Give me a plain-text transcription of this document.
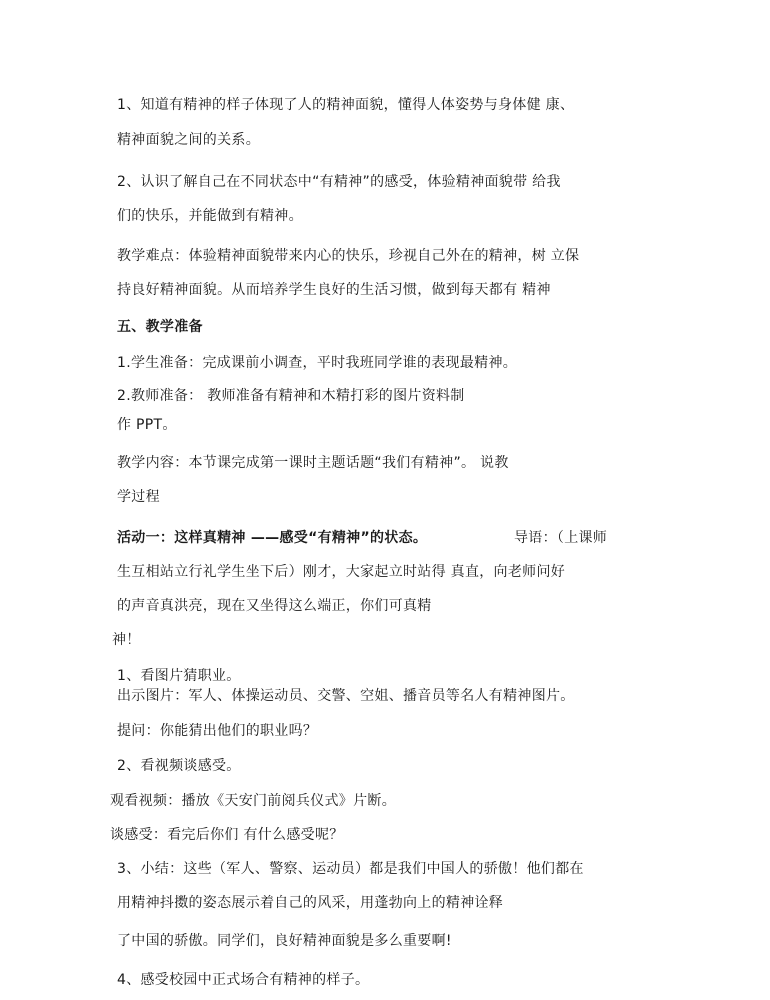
1、知道有精神的样子体现了人的精神面貌，懂得人体姿势与身体健 康、
精神面貌之间的关系。
2、认识了解自己在不同状态中“有精神”的感受，体验精神面貌带 给我
们的快乐，并能做到有精神。
教学难点：体验精神面貌带来内心的快乐，珍视自己外在的精神，树 立保
持良好精神面貌。从而培养学生良好的生活习惯，做到每天都有 精神
五、教学准备
1.学生准备：完成课前小调查，平时我班同学谁的表现最精神。
2.教师准备： 教师准备有精神和木精打彩的图片资料制
作 PPT。
教学内容：本节课完成第一课时主题话题“我们有精神”。 说教
学过程
活动一：这样真精神 ——感受“有精神”的状态。	导语：（上课师
生互相站立行礼学生坐下后）刚才，大家起立时站得 真直，向老师问好
的声音真洪亮，现在又坐得这么端正，你们可真精
神！
1、看图片猜职业。
出示图片：军人、体操运动员、交警、空姐、播音员等名人有精神图片。
提问：你能猜出他们的职业吗？
2、看视频谈感受。
观看视频：播放《天安门前阅兵仪式》片断。
谈感受：看完后你们 有什么感受呢？
3、小结：这些（军人、警察、运动员）都是我们中国人的骄傲！他们都在
用精神抖擞的姿态展示着自己的风采，用蓬勃向上的精神诠释
了中国的骄傲。同学们，良好精神面貌是多么重要啊!
4、感受校园中正式场合有精神的样子。
